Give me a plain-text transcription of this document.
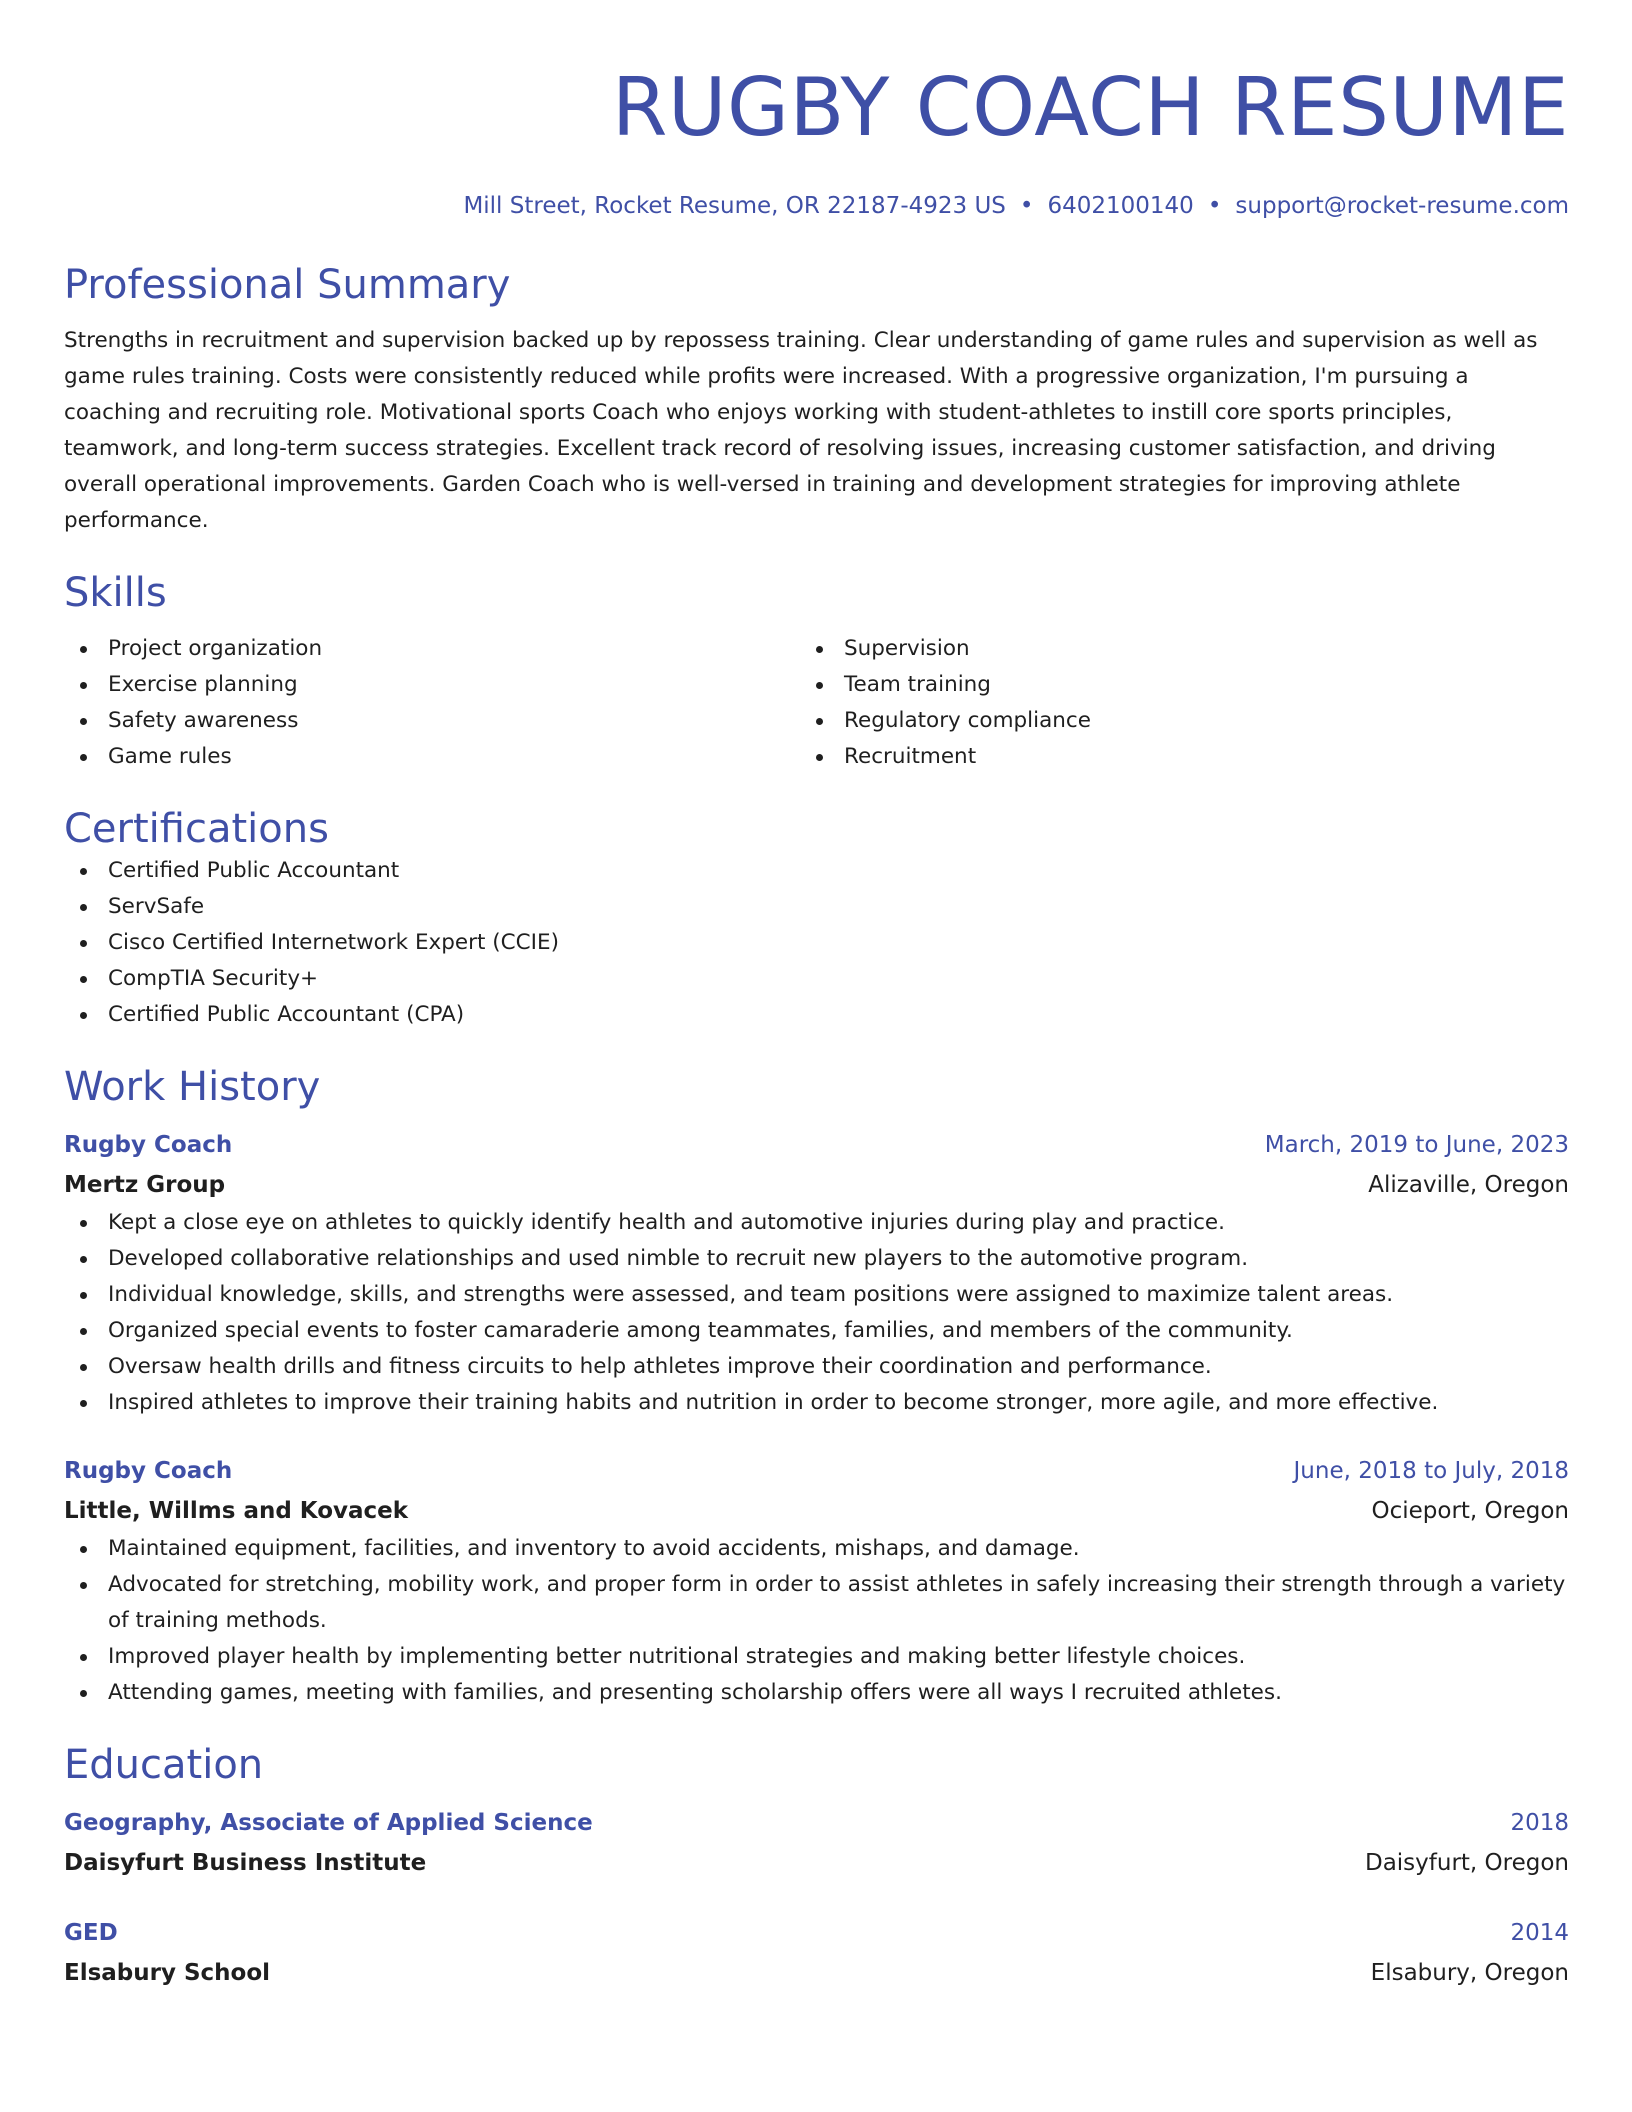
RUGBY COACH RESUME
Mill Street, Rocket Resume, OR 22187-4923 US • 6402100140 • support@rocket-resume.com
Professional Summary
Strengths in recruitment and supervision backed up by repossess training. Clear understanding of game rules and supervision as well as game rules training. Costs were consistently reduced while profits were increased. With a progressive organization, I'm pursuing a coaching and recruiting role. Motivational sports Coach who enjoys working with student-athletes to instill core sports principles, teamwork, and long-term success strategies. Excellent track record of resolving issues, increasing customer satisfaction, and driving overall operational improvements. Garden Coach who is well-versed in training and development strategies for improving athlete performance.
Skills
Project organization
Exercise planning
Safety awareness
Game rules
Supervision
Team training
Regulatory compliance
Recruitment
Certifications
Certified Public Accountant
ServSafe
Cisco Certified Internetwork Expert (CCIE)
CompTIA Security+
Certified Public Accountant (CPA)
Work History
Rugby Coach	March, 2019 to June, 2023
Mertz Group	Alizaville, Oregon
Kept a close eye on athletes to quickly identify health and automotive injuries during play and practice.
Developed collaborative relationships and used nimble to recruit new players to the automotive program.
Individual knowledge, skills, and strengths were assessed, and team positions were assigned to maximize talent areas.
Organized special events to foster camaraderie among teammates, families, and members of the community.
Oversaw health drills and fitness circuits to help athletes improve their coordination and performance.
Inspired athletes to improve their training habits and nutrition in order to become stronger, more agile, and more effective.
Rugby Coach	June, 2018 to July, 2018
Little, Willms and Kovacek	Ocieport, Oregon
Maintained equipment, facilities, and inventory to avoid accidents, mishaps, and damage.
Advocated for stretching, mobility work, and proper form in order to assist athletes in safely increasing their strength through a variety of training methods.
Improved player health by implementing better nutritional strategies and making better lifestyle choices.
Attending games, meeting with families, and presenting scholarship offers were all ways I recruited athletes.
Education
Geography, Associate of Applied Science	2018
Daisyfurt Business Institute	Daisyfurt, Oregon
GED	2014
Elsabury School	Elsabury, Oregon
